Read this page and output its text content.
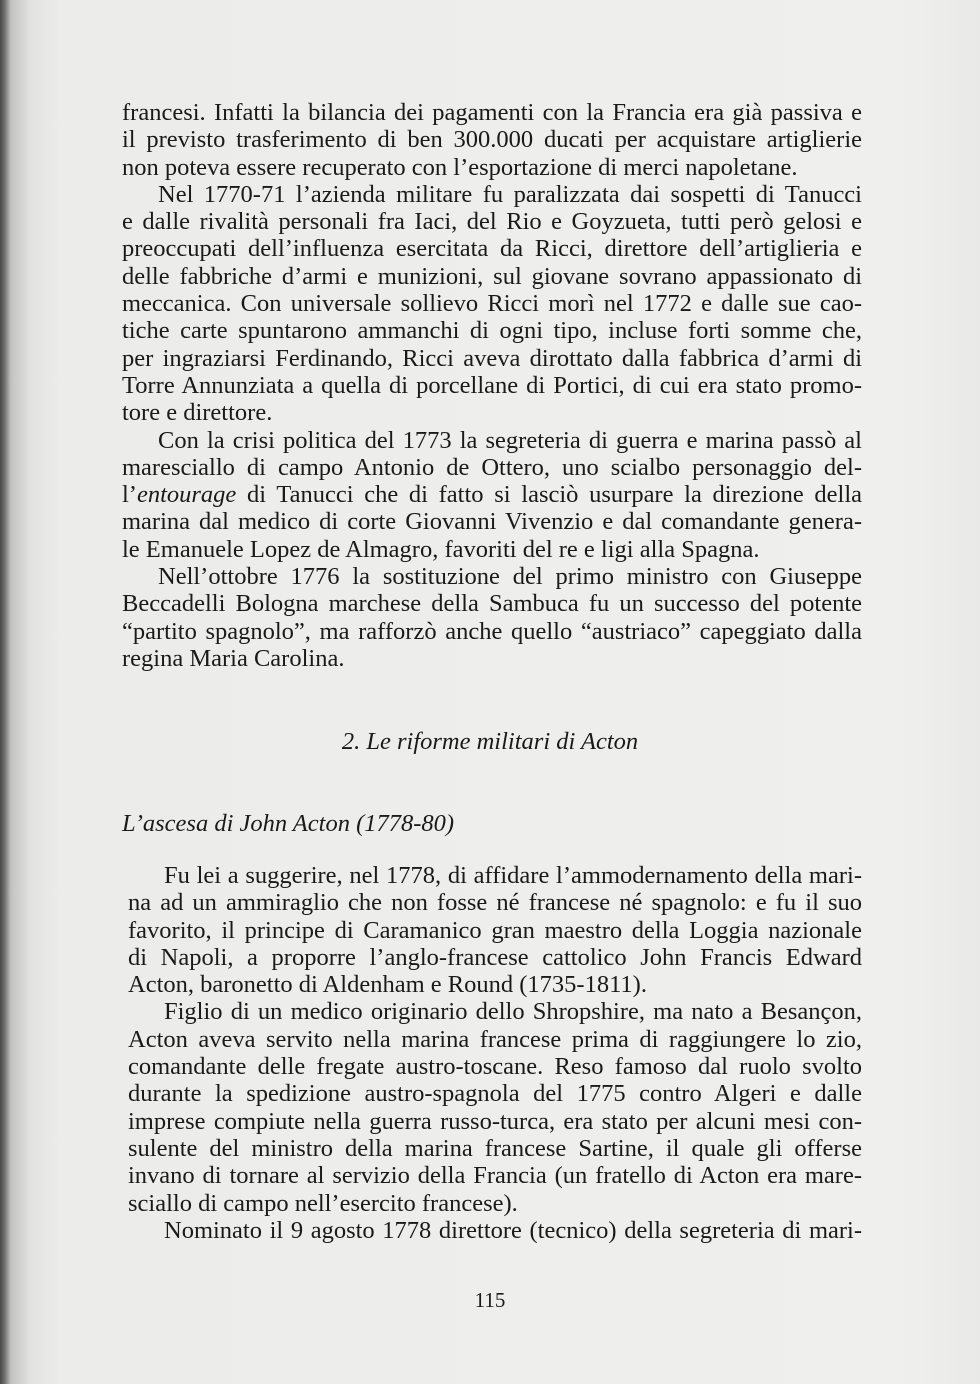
francesi. Infatti la bilancia dei pagamenti con la Francia era già passiva e
il previsto trasferimento di ben 300.000 ducati per acquistare artiglierie
non poteva essere recuperato con l’esportazione di merci napoletane.
Nel 1770-71 l’azienda militare fu paralizzata dai sospetti di Tanucci
e dalle rivalità personali fra Iaci, del Rio e Goyzueta, tutti però gelosi e
preoccupati dell’influenza esercitata da Ricci, direttore dell’artiglieria e
delle fabbriche d’armi e munizioni, sul giovane sovrano appassionato di
meccanica. Con universale sollievo Ricci morì nel 1772 e dalle sue cao-
tiche carte spuntarono ammanchi di ogni tipo, incluse forti somme che,
per ingraziarsi Ferdinando, Ricci aveva dirottato dalla fabbrica d’armi di
Torre Annunziata a quella di porcellane di Portici, di cui era stato promo-
tore e direttore.
Con la crisi politica del 1773 la segreteria di guerra e marina passò al
maresciallo di campo Antonio de Ottero, uno scialbo personaggio del-
l’entourage di Tanucci che di fatto si lasciò usurpare la direzione della
marina dal medico di corte Giovanni Vivenzio e dal comandante genera-
le Emanuele Lopez de Almagro, favoriti del re e ligi alla Spagna.
Nell’ottobre 1776 la sostituzione del primo ministro con Giuseppe
Beccadelli Bologna marchese della Sambuca fu un successo del potente
“partito spagnolo”, ma rafforzò anche quello “austriaco” capeggiato dalla
regina Maria Carolina.
2. Le riforme militari di Acton
L’ascesa di John Acton (1778-80)
Fu lei a suggerire, nel 1778, di affidare l’ammodernamento della mari-
na ad un ammiraglio che non fosse né francese né spagnolo: e fu il suo
favorito, il principe di Caramanico gran maestro della Loggia nazionale
di Napoli, a proporre l’anglo-francese cattolico John Francis Edward
Acton, baronetto di Aldenham e Round (1735-1811).
Figlio di un medico originario dello Shropshire, ma nato a Besançon,
Acton aveva servito nella marina francese prima di raggiungere lo zio,
comandante delle fregate austro-toscane. Reso famoso dal ruolo svolto
durante la spedizione austro-spagnola del 1775 contro Algeri e dalle
imprese compiute nella guerra russo-turca, era stato per alcuni mesi con-
sulente del ministro della marina francese Sartine, il quale gli offerse
invano di tornare al servizio della Francia (un fratello di Acton era mare-
sciallo di campo nell’esercito francese).
Nominato il 9 agosto 1778 direttore (tecnico) della segreteria di mari-
115
